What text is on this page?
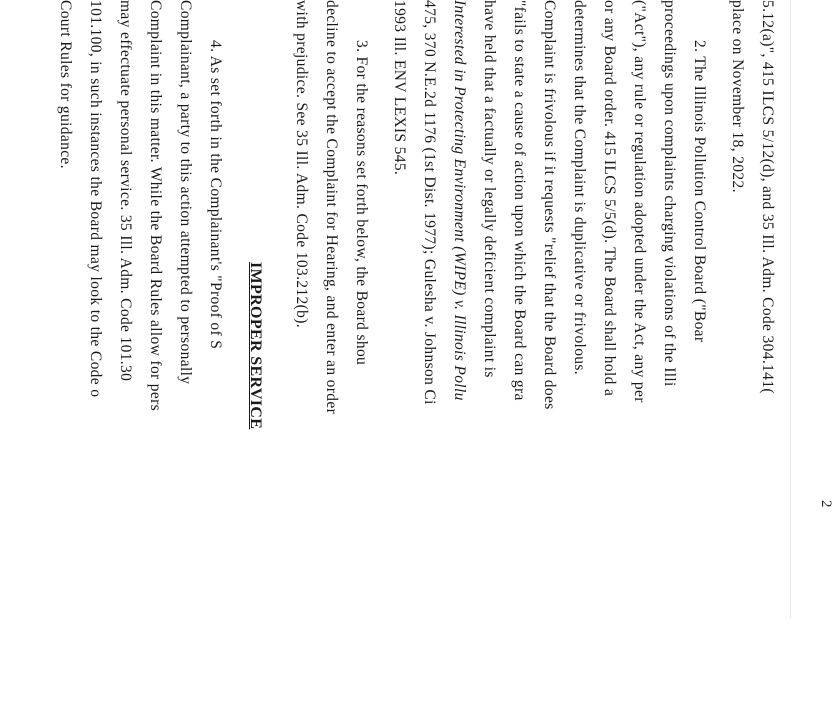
5.12(a)", 415 ILCS 5/12(d), and 35 Ill. Adm. Code 304.141(
place on November 18, 2022.
2. The Illinois Pollution Control Board ("Boar
proceedings upon complaints charging violations of the Illi
("Act"), any rule or regulation adopted under the Act, any per
or any Board order. 415 ILCS 5/5(d). The Board shall hold a
determines that the Complaint is duplicative or frivolous.
Complaint is frivolous if it requests "relief that the Board does
"fails to state a cause of action upon which the Board can gra
have held that a factually or legally deficient complaint is
Interested in Protecting Environment (WIPE) v. Illinois Pollu
475, 370 N.E.2d 1176 (1st Dist. 1977); Gulesha v. Johnson Ci
1993 Ill. ENV LEXIS 545.
3. For the reasons set forth below, the Board shou
decline to accept the Complaint for Hearing, and enter an order
with prejudice. See 35 Ill. Adm. Code 103.212(b).
IMPROPER SERVICE
4. As set forth in the Complainant's "Proof of S
Complainant, a party to this action attempted to personally
Complaint in this matter. While the Board Rules allow for pers
may effectuate personal service. 35 Ill. Adm. Code 101.30
101.100, in such instances the Board may look to the Code o
Court Rules for guidance.
2
